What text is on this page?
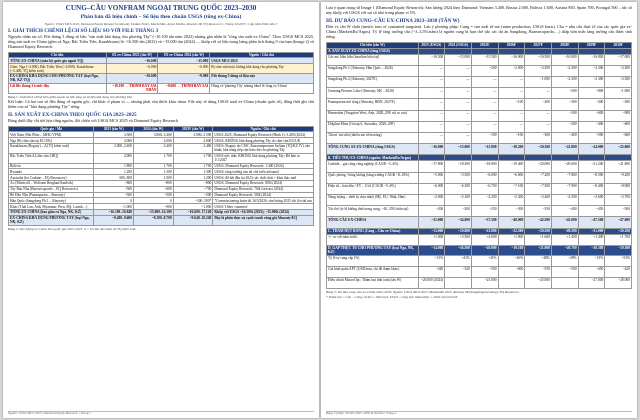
CUNG–CẦU VONFRAM NGOẠI TRUNG QUỐC 2023–2030
Phân bản đã hiệu chỉnh – Số liệu theo chuẩn USGS (tổng ex-China)
Nguồn: USGS MCS 2025, Diamond Equity Research (Almonty Update Note), MarketsRx, Argus Media, Almonty IR, EQ Resources | Tháng 10/2025 | Cập nhật Phân bản 3
I. GIẢI THÍCH CHÊNH LỆCH SỐ LIỆU SO VỚI FILE THÁNG 3

Nguyên nhân sai số: File tháng 3 dùng số liệu "sản xuất khả dụng cho phương Tây" (~10.100 tấn năm 2023) nhưng gán nhãn là "tổng sản xuất ex-China". Theo USGS MCS 2025, tổng sản xuất ex-China (gồm cả Nga, Bắc Triều Tiên, Kazakhstan) là ~16.500 tấn (2023) và ~15.000 tấn (2024) — khớp với số liệu trong bảng phân tích tháng 9 của bạn (Image 2) và Diamond Equity Research.

Chỉ tiêu	SX ex-China 2023 (tấn W)	SX ex-China 2024 (tấn W)	Nguồn / Ghi chú
TỔNG EX-CHINA (toàn bộ quốc gia ngoài TQ)	~16.600	~15.000	USGS MCS 2025
Gồm: Nga (~2.000), Bắc Triều Tiên (~2.000), Kazakhstan (~2.400; TQ kiểm soát)	~6.000	~6.000	Bị cấm vận hoặc không khả dụng cho phương Tây
EX-CHINA KHẢ DỤNG CHO PHƯƠNG TÂY (loại Nga, NK, KZ-TQ)	~10.600	~9.000	File tháng 3 dùng số liệu này
Lỗi file tháng 3 trước đây	~10.100 ← TRÌNH BÀY SAI NHÃN	~9.600 ← TRÌNH BÀY SAI	Dùng số 'phương Tây' nhưng label là 'tổng ex-China'
Bảng 1: Giải thích chênh lệch giữa nguồn số liệu tổng và số liệu khả dụng cho phương Tây.

Kết luận: Cả hai con số đều đúng về nguồn gốc, chỉ khác ở phạm vi — nhưng phải chú thích khác nhau. File này sẽ dùng USGS total ex-China (chuẩn quốc tế), đồng thời ghi chú thêm con số "khả dụng phương Tây" riêng.

II. SẢN XUẤT EX-CHINA THEO QUỐC GIA 2023–2025

Bảng dưới đây chi tiết hóa từng nguồn, đối chiếu với USGS MCS 2025 và Diamond Equity Research

Quốc gia / Mỏ	2023 (tấn W)	2024 (tấn W)	2025F (tấn W)	Nguồn / Ghi chú
Việt Nam (Núi Pháo – MHC/VPM)	3.500	3.000–3.400	3.000–3.500	USGS 2025; Diamond Equity Research (Hinh 1): 3.400 (2024)
Nga (Bị cấm vận tại EU/UK)	2.000	2.000	2.000	USGS; KHÔNG khả dụng phương Tây do cấm vận EU/UK
Kazakhstan (Boguty) – Δ [TQ kiểm soát]	2.000–2.400	2.400	2.400	USGS; Boguty do CJSC Kazatompromm SaJitan (TQ/KZ JV) vận hành; khả năng tiếp cận bán chế cho phương Tây
Bắc Triều Tiên Δ [cấm vận LHQ]	2.000	1.700	1.700	USGS ước tính; KHÔNG khả dụng phương Tây; Đã bán ra 1/1/2027
Bolivia	1.800	1.700	1.700	USGS; Diamond Equity Research: 1.400 (2024)
Rwanda	1.200	1.300	1.300	USGS; tăng trưởng sản tài chế triển artisanal
Australia (bỏ Carbine – EQ Resources)	600–800	1.000	1.200	USGS; đã bắt đầu lại 2023; tác chức thái + khai thác mới
Áo (Mittersill – Wolfram Bergbau/Sandvik)	~800	~800	~800	USGS; Diamond Equity Research: 800t (2024)
Tây Ban Nha (Barruecopardo – EQ Resources)	~500	~600	~700	Diamond Equity Research: 700t forecast (2024)
Bồ Đào Nha (Panasqueira – Almonty)	~500	~500	~500	Diamond Equity Research: 500t (2024)
Hàn Quốc (Sangdong Ph.1 – Almonty)	0	0	~300–500*	*Commissioning hoàn tất 16/3/2026; sản lượng 2025 chỉ là trial run
Khác (Thái Lan, Anh, Myanmar, Peru, Mỹ, Latinh…)	~1.000	~900	~1.000	USGS 'Other countries'
TỔNG EX-CHINA (bao gồm cả Nga, NK, KZ)	~16.100–16.840	~15.000–16.100	~16.600–17.140	Khớp với USGS ~16.500t (2023); ~15.000t (2024)
EX-CHINA KHẢ DỤNG PHƯƠNG TÂY (loại Nga, NK, KZ)	~9.400–9.600	~8.100–8.700	~9.640–10.240	Đây là phần thực sự cạnh tranh cùng giá Almonty/EQ
Bảng 2: Sản lượng ex-China theo quốc gia 2023–2025. Δ = bị cấm vận hoặc do TQ kiểm soát.
Nguồn: USGS MCS 2025, Diamond Equity Research | Trang 1

Lưu ý quan trọng từ Image 1 (Diamond Equity Research): Sản lượng 2024 theo Diamond: Vietnam 3.400, Russia 2.000, Bolivia 1.600, Austria 850, Spain 700, Portugal 500 – tức số này khớp với USGS với sai số nhỏ trong phạm vi 5%.

III. DỰ BÁO CUNG–CẦU EX-CHINA 2023–2030 (TẤN W)

Đơn vị: tấn W chứa (metric tons of contained tungsten). Lưu ý phương pháp: Cung = sản xuất từ mỏ (mine production, USGS basis). Cầu = nhu cầu thực tế của các quốc gia ex-China (MarketsRx/Argus). Tỷ lệ tăng trưởng cầu (~3–3,5%/năm) là nguồn cung bị hạn chế (do các dự án Sangdong, Barruecopardo,…) thấp hơn mức tăng trưởng cầu được tính riêng.

Chỉ tiêu (tấn W)	2023 (USGS)	2024 (USGS)	2025E	2026F	2027F	2028F	2029F	2030F
A. SẢN XUẤT EX-CHINA (tổng USGS)								
Các mỏ hiện hữu (baseline hiện tại)	~16.500	~15.000	~15.500	~16.000	~16.500	~16.800	~16.800	~17.000
Sangdong Ph.1 (Almonty, Hàn Quốc – 2026)	—	—	~200	~2.000	~2.300	~2.300	~2.300	~2.300
Sangdong Ph.2 (Almonty, 2027E)	—	—	—	—	~1.000	~2.300	~2.300	~2.300
Gentung Browns Lake (Almonty, Mỹ – 2028)	—	—	—	—	—	~500	~800	~1.000
Panasqueira mở rộng (Almonty, BĐN, 2027E)	—	—	—	~100	~200	~300	~300	~300
Hemerdon (Tungsten West, Anh, 2028–29F, rủi ro cao)	—	—	—	—	—	~300	~600	~900
Dolphin Mine (Group 6, Australia, 2028–29F)	—	—	—	—	—	~200	~400	~600
'Ghost' mỏ nhỏ (nhiều mỏ tiềm năng)	—	—	~100	~100	~300	~400	~500	~600
TỔNG CUNG SX EX-CHINA (tổng USGS)	~16.000	~15.000	~15.800	~18.200	~20.300	~22.800	~24.000	~25.000
B. TIÊU THỤ EX-CHINA (nguồn: MarketsRx/Argus)								
Carbide – gia công công nghiệp (CAGR ~3–4%)	~17.800	~18.300	~18.800	~19.400	~20.000	~20.600	~21.200	~21.800
Quốc phòng / hàng không (tăng trưởng CAGR ~8–10%)	~5.000	~5.500	~6.000	~6.600	~7.200	~7.800	~8.500	~9.200
Điện tử – bán dẫn / EV – Ô tô (CAGR ~5–6%)	~6.000	~6.300	~6.700	~7.100	~7.500	~7.900	~8.400	~8.900
Năng lượng – thiết bị chịu nhiệt (Mỹ, EU, Nhật, Hàn)	~2.000	~2.100	~2.200	~2.300	~2.400	~2.500	~2.600	~2.700
Tái chế (tỷ lệ không tính trong cung, ~20–35% hiện tại)	~200	~200	~250	~300	~350	~400	~450	~500
TỔNG CẦU EX-CHINA	~31.000	~34.000	~37.500	~40.000	~42.500	~45.000	~47.500	~47.000
C. THÂM HỤT RÒNG (Cung – Cầu ex-China)	~15.000	~19.000	~21.000	~22.200	~20.500	~20.500	~21.000	~20.100
+/- so với năm trước	+1.000	+3.500	+4.600	+1.900	+1.600	+1.400	+1.400	+1.700
D. GAP THỰC TẾ CHO PHƯƠNG TÂY (loại Nga, NK, KZ)	~14.000	~16.500	~20.000	~19.100	~21.000	~20.700	~20.300	~19.300
Tỷ lệ tự cung cấp (%)	~31%	~41%	~41%	~46%	~48%	~49%	~51%	~53%
Giá bình quân APT (USD/mtu, chỉ để tham khảo)	~340	~320	~500	~600	~550	~500	~450	~420
Điều chỉnh MacroOpc; Thâm hụt tính toán (tấn W)	~20.000 (2024)		~23.000		~25.000		~27.000	~28.000
Bảng 3: Dự báo cung–cầu ex-China 2023–2030. Nguồn: USGS MCS 2025, MarketsRx 2025, Almonty IR (Sangdong/Gentung), EQ Resources.
* Thâm hụt = Cầu – Cung; số âm = thiếu hụt; USGS = tổng mỏ; MacroOpc = thâm hụt mô hình.
Bảng 3 (tiếp): Số liệu 2025–2030 là dự báo | Trang 2
